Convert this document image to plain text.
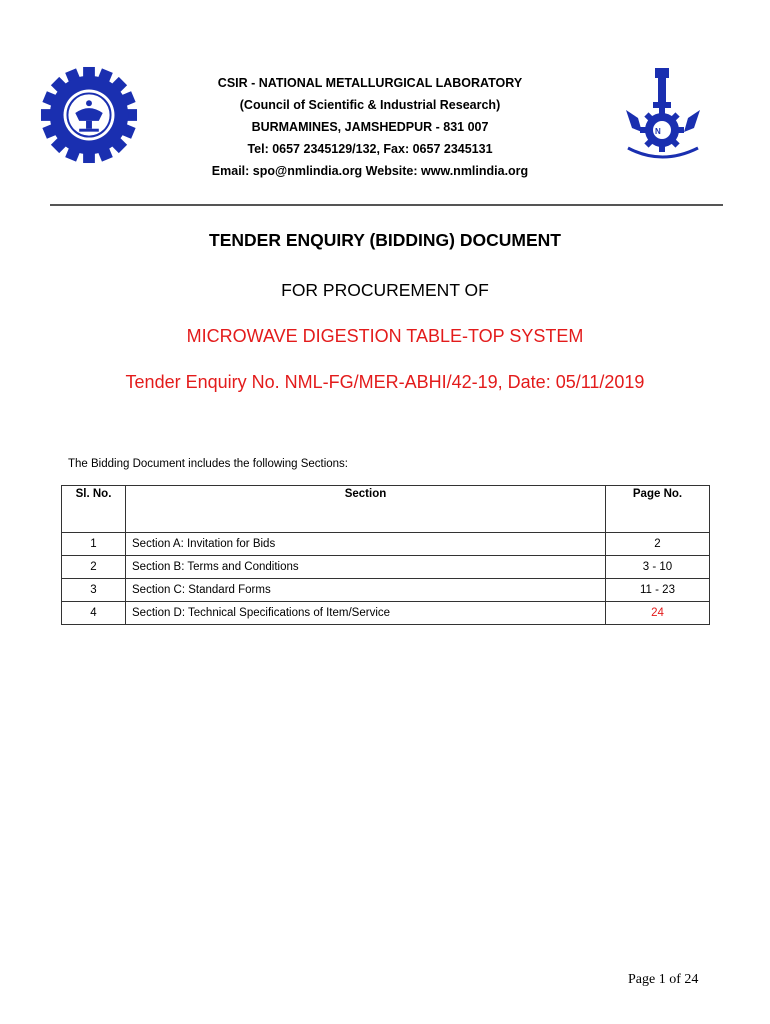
CSIR - NATIONAL METALLURGICAL LABORATORY
(Council of Scientific & Industrial Research)
BURMAMINES, JAMSHEDPUR - 831 007
Tel: 0657 2345129/132, Fax: 0657 2345131
Email: spo@nmlindia.org Website: www.nmlindia.org
N
TENDER ENQUIRY (BIDDING) DOCUMENT
FOR PROCUREMENT OF
MICROWAVE DIGESTION TABLE-TOP SYSTEM
Tender Enquiry No. NML-FG/MER-ABHI/42-19, Date: 05/11/2019
The Bidding Document includes the following Sections:
Sl. No.	Section	Page No.
1	Section A: Invitation for Bids	2
2	Section B: Terms and Conditions	3 - 10
3	Section C: Standard Forms	11 - 23
4	Section D: Technical Specifications of Item/Service	24
Page 1 of 24
